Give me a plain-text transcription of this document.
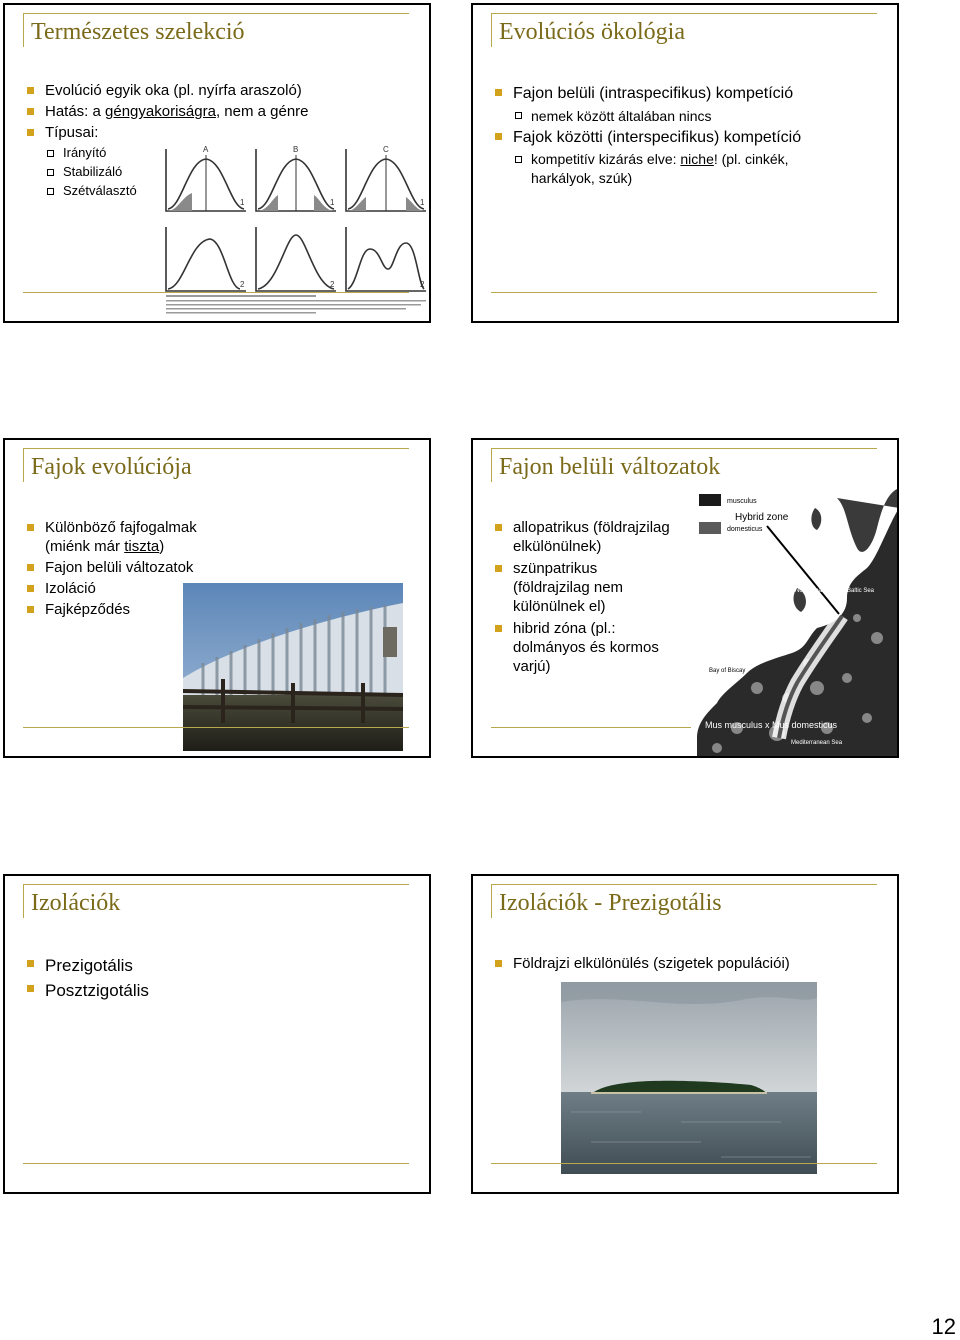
Természetes szelekció
Evolúció egyik oka (pl. nyírfa araszoló)
Hatás: a géngyakoriságra, nem a génre
Típusai:
Irányító
Stabilizáló
Szétválasztó
A	B	C
1	1	1
2	2	2
Evolúciós ökológia
Fajon belüli (intraspecifikus) kompetíció
nemek között általában nincs
Fajok közötti (interspecifikus) kompetíció
kompetitív kizárás elve: niche! (pl. cinkék, harkályok, szúk)
Fajok evolúciója
Különböző fajfogalmak (miénk már tiszta)
Fajon belüli változatok
Izoláció
Fajképződés
Fajon belüli változatok
allopatrikus (földrajzilag elkülönülnek)
szünpatrikus (földrajzilag nem különülnek el)
hibrid zóna (pl.: dolmányos és kormos varjú)
musculus
domesticus
Hybrid zone
North Sea	Baltic Sea
Bay of Biscay
Mus musculus x Mus domesticus
Mediterranean Sea
Izolációk
Prezigotális
Posztzigotális
Izolációk - Prezigotális
Földrajzi elkülönülés (szigetek populációi)
12
